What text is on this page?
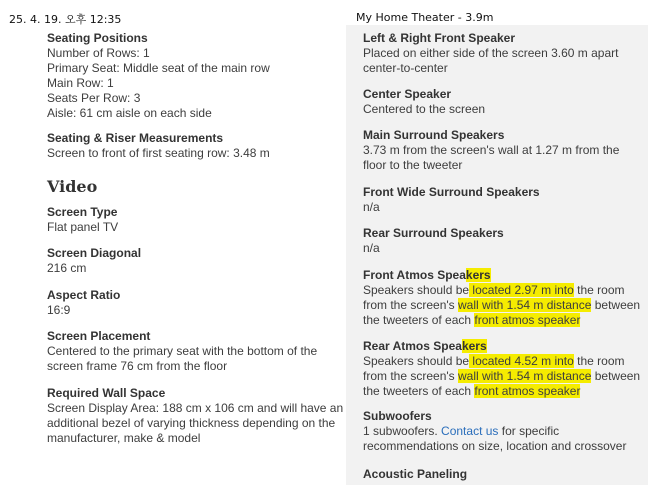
25. 4. 19. 오후 12:35	My Home Theater - 3.9m
Seating Positions
Number of Rows: 1
Primary Seat: Middle seat of the main row
Main Row: 1
Seats Per Row: 3
Aisle: 61 cm aisle on each side
Seating & Riser Measurements
Screen to front of first seating row: 3.48 m
Video
Screen Type
Flat panel TV
Screen Diagonal
216 cm
Aspect Ratio
16:9
Screen Placement
Centered to the primary seat with the bottom of the
screen frame 76 cm from the floor
Required Wall Space
Screen Display Area: 188 cm x 106 cm and will have an
additional bezel of varying thickness depending on the
manufacturer, make & model
Left & Right Front Speaker
Placed on either side of the screen 3.60 m apart
center-to-center
Center Speaker
Centered to the screen
Main Surround Speakers
3.73 m from the screen's wall at 1.27 m from the
floor to the tweeter
Front Wide Surround Speakers
n/a
Rear Surround Speakers
n/a
Front Atmos Speakers
Speakers should be located 2.97 m into the room
from the screen's wall with 1.54 m distance between
the tweeters of each front atmos speaker
Rear Atmos Speakers
Speakers should be located 4.52 m into the room
from the screen's wall with 1.54 m distance between
the tweeters of each front atmos speaker
Subwoofers
1 subwoofers. Contact us for specific
recommendations on size, location and crossover
Acoustic Paneling
